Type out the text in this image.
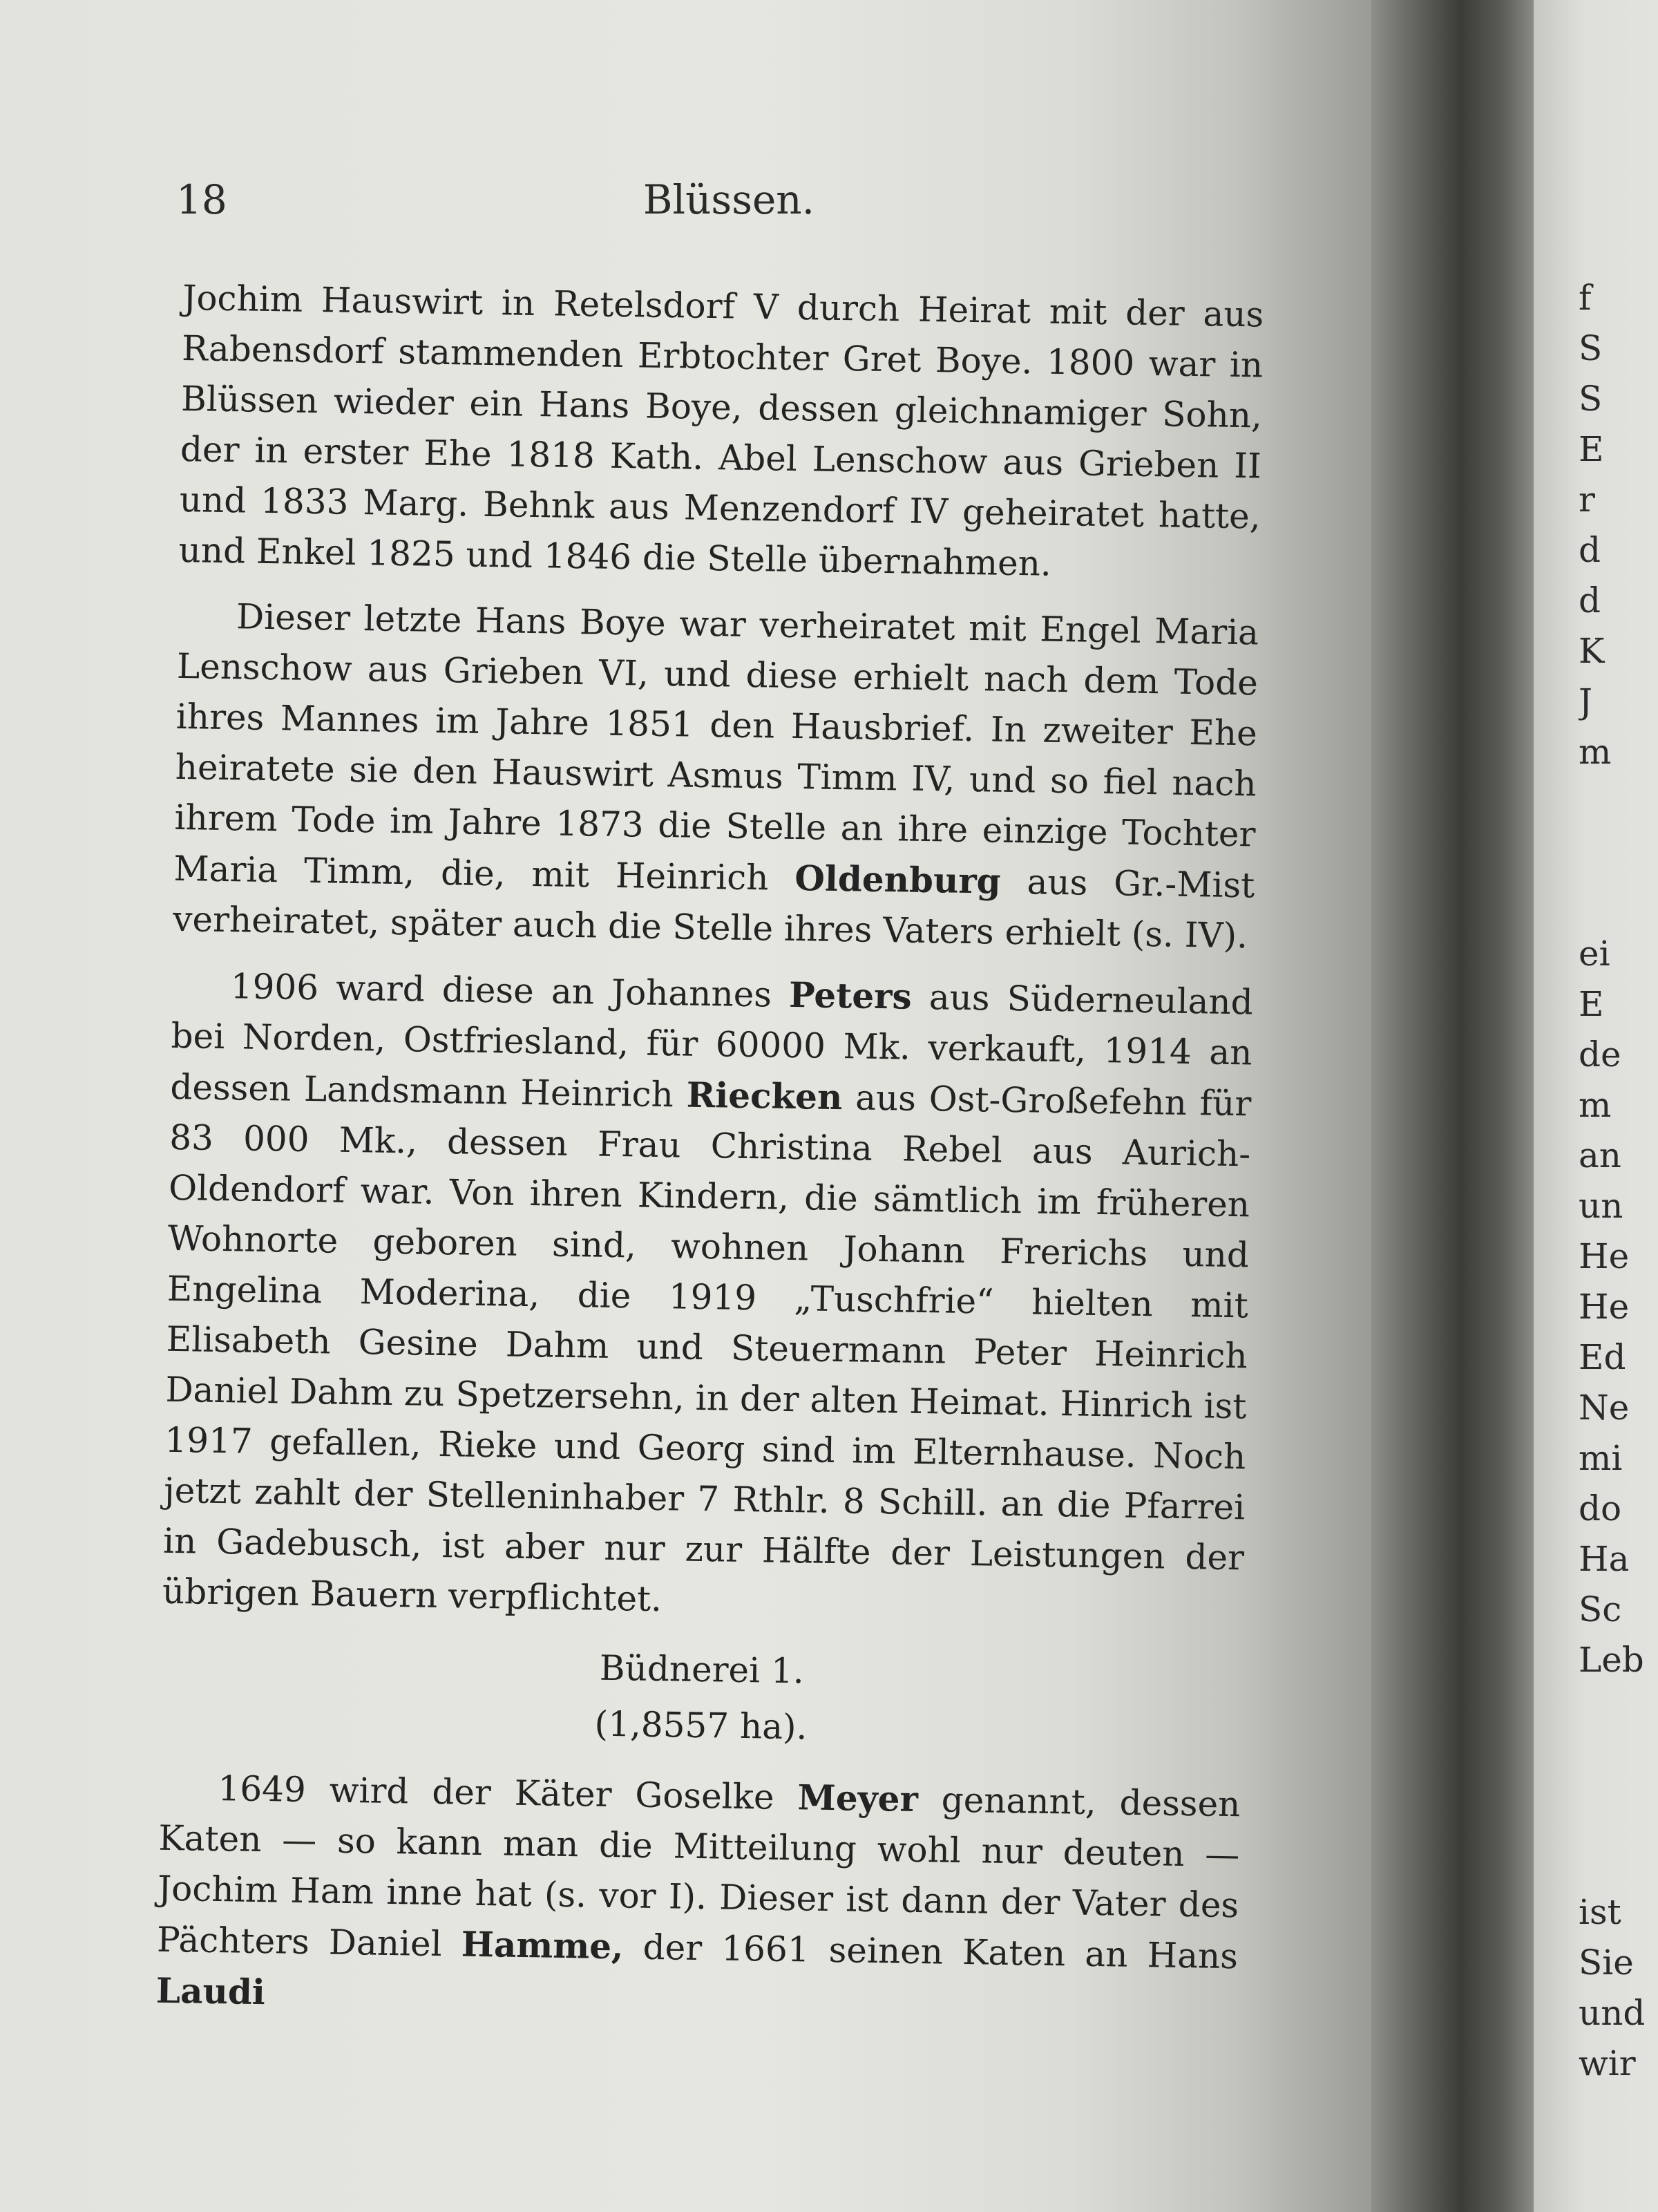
18	Blüssen.

Jochim Hauswirt in Retelsdorf V durch Heirat mit der aus Rabensdorf stammenden Erbtochter Gret Boye. 1800 war in Blüssen wieder ein Hans Boye, dessen gleichnamiger Sohn, der in erster Ehe 1818 Kath. Abel Lenschow aus Grieben II und 1833 Marg. Behnk aus Menzendorf IV geheiratet hatte, und Enkel 1825 und 1846 die Stelle übernahmen.

Dieser letzte Hans Boye war verheiratet mit Engel Maria Lenschow aus Grieben VI, und diese erhielt nach dem Tode ihres Mannes im Jahre 1851 den Hausbrief. In zweiter Ehe heiratete sie den Hauswirt Asmus Timm IV, und so fiel nach ihrem Tode im Jahre 1873 die Stelle an ihre einzige Tochter Maria Timm, die, mit Heinrich Oldenburg aus Gr.-Mist verheiratet, später auch die Stelle ihres Vaters erhielt (s. IV).

1906 ward diese an Johannes Peters aus Süderneuland bei Norden, Ostfriesland, für 60000 Mk. verkauft, 1914 an dessen Landsmann Heinrich Riecken aus Ost-Großefehn für 83 000 Mk., dessen Frau Christina Rebel aus Aurich-Oldendorf war. Von ihren Kindern, die sämtlich im früheren Wohnorte geboren sind, wohnen Johann Frerichs und Engelina Moderina, die 1919 „Tuschfrie“ hielten mit Elisabeth Gesine Dahm und Steuermann Peter Heinrich Daniel Dahm zu Spetzersehn, in der alten Heimat. Hinrich ist 1917 gefallen, Rieke und Georg sind im Elternhause. Noch jetzt zahlt der Stelleninhaber 7 Rthlr. 8 Schill. an die Pfarrei in Gadebusch, ist aber nur zur Hälfte der Leistungen der übrigen Bauern verpflichtet.

Büdnerei 1.
(1,8557 ha).

1649 wird der Käter Goselke Meyer genannt, dessen Katen — so kann man die Mitteilung wohl nur deuten — Jochim Ham inne hat (s. vor I). Dieser ist dann der Vater des Pächters Daniel Hamme, der 1661 seinen Katen an Hans Laudi

f
S
S
E
r
d
d
K
J
m
ei
E
de
m
an
un
He
He
Ed
Ne
mi
do
Ha
Sc
Leb
ist
Sie
und
wir
